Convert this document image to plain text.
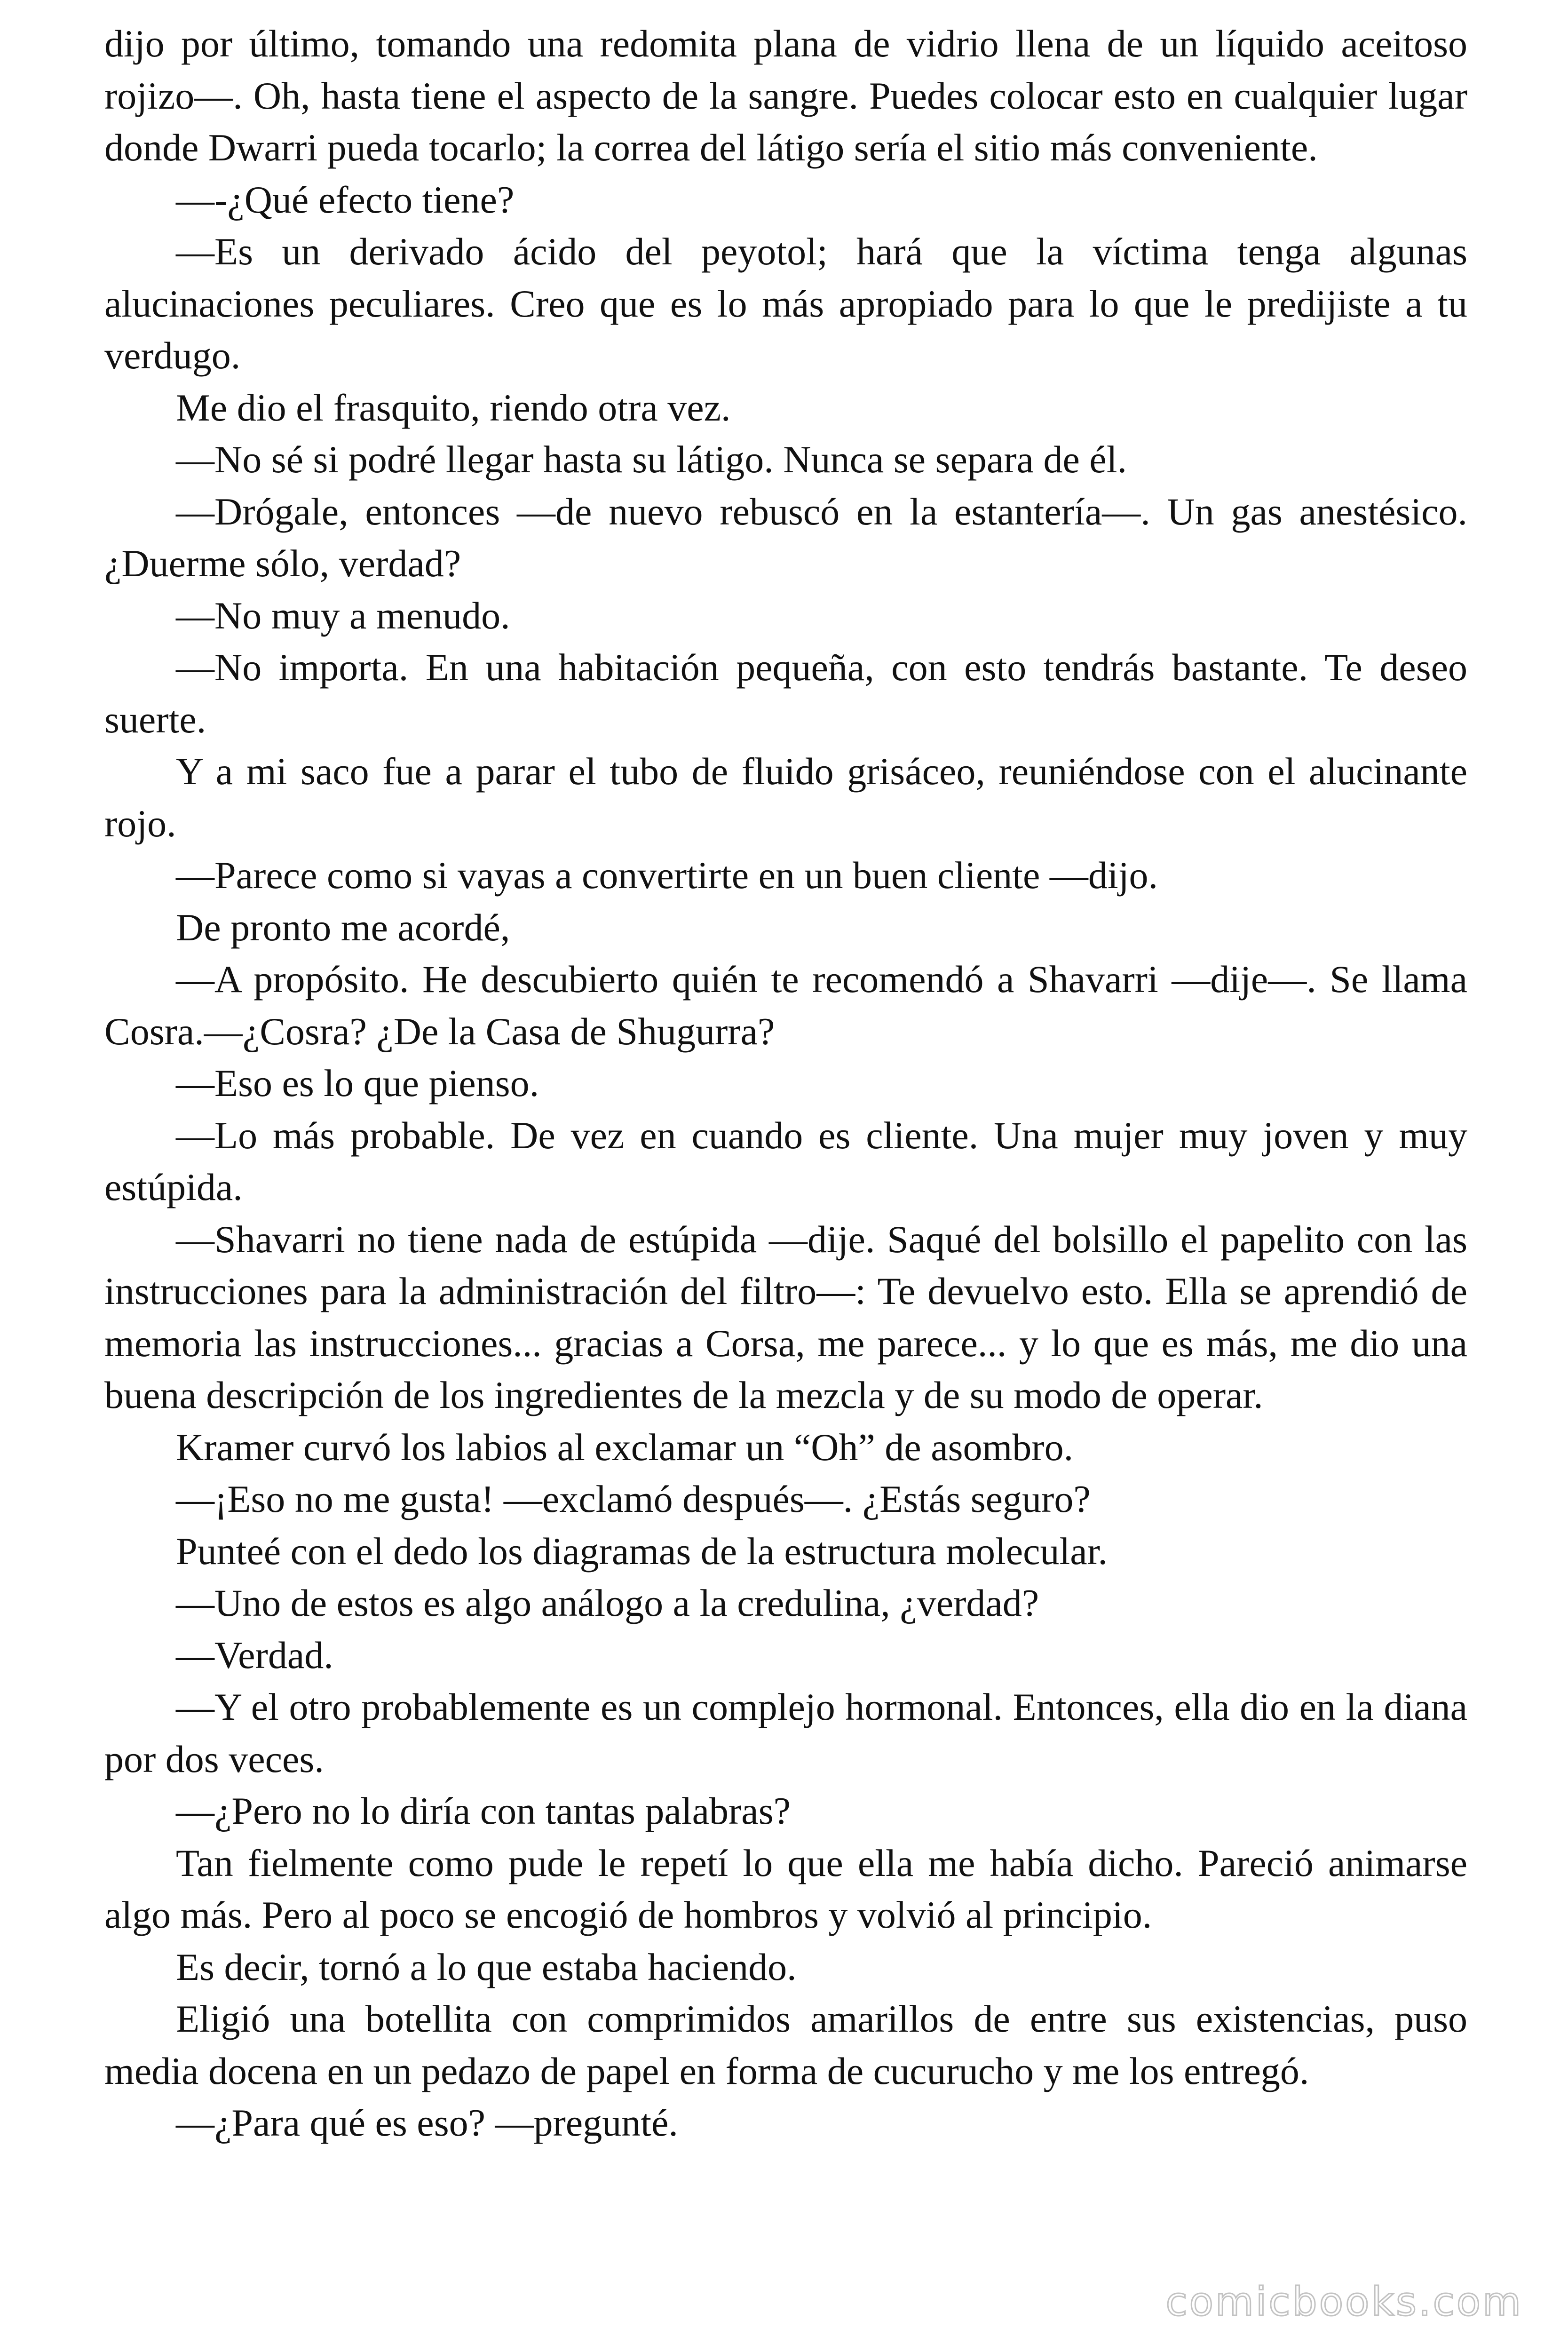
dijo por último, tomando una redomita plana de vidrio llena de un líquido aceitoso rojizo—. Oh, hasta tiene el aspecto de la sangre. Puedes colocar esto en cualquier lugar donde Dwarri pueda tocarlo; la correa del látigo sería el sitio más conveniente.

—-¿Qué efecto tiene?

—Es un derivado ácido del peyotol; hará que la víctima tenga algunas alucinaciones peculiares. Creo que es lo más apropiado para lo que le predijiste a tu verdugo.

Me dio el frasquito, riendo otra vez.

—No sé si podré llegar hasta su látigo. Nunca se separa de él.

—Drógale, entonces —de nuevo rebuscó en la estantería—. Un gas anestésico. ¿Duerme sólo, verdad?

—No muy a menudo.

—No importa. En una habitación pequeña, con esto tendrás bastante. Te deseo suerte.

Y a mi saco fue a parar el tubo de fluido grisáceo, reuniéndose con el alucinante rojo.

—Parece como si vayas a convertirte en un buen cliente —dijo.

De pronto me acordé,

—A propósito. He descubierto quién te recomendó a Shavarri —dije—. Se llama Cosra.—¿Cosra? ¿De la Casa de Shugurra?

—Eso es lo que pienso.

—Lo más probable. De vez en cuando es cliente. Una mujer muy joven y muy estúpida.

—Shavarri no tiene nada de estúpida —dije. Saqué del bolsillo el papelito con las instrucciones para la administración del filtro—: Te devuelvo esto. Ella se aprendió de memoria las instrucciones... gracias a Corsa, me parece... y lo que es más, me dio una buena descripción de los ingredientes de la mezcla y de su modo de operar.

Kramer curvó los labios al exclamar un “Oh” de asombro.

—¡Eso no me gusta! —exclamó después—. ¿Estás seguro?

Punteé con el dedo los diagramas de la estructura molecular.

—Uno de estos es algo análogo a la credulina, ¿verdad?

—Verdad.

—Y el otro probablemente es un complejo hormonal. Entonces, ella dio en la diana por dos veces.

—¿Pero no lo diría con tantas palabras?

Tan fielmente como pude le repetí lo que ella me había dicho. Pareció animarse algo más. Pero al poco se encogió de hombros y volvió al principio.

Es decir, tornó a lo que estaba haciendo.

Eligió una botellita con comprimidos amarillos de entre sus existencias, puso media docena en un pedazo de papel en forma de cucurucho y me los entregó.

—¿Para qué es eso? —pregunté.

comicbooks.com
